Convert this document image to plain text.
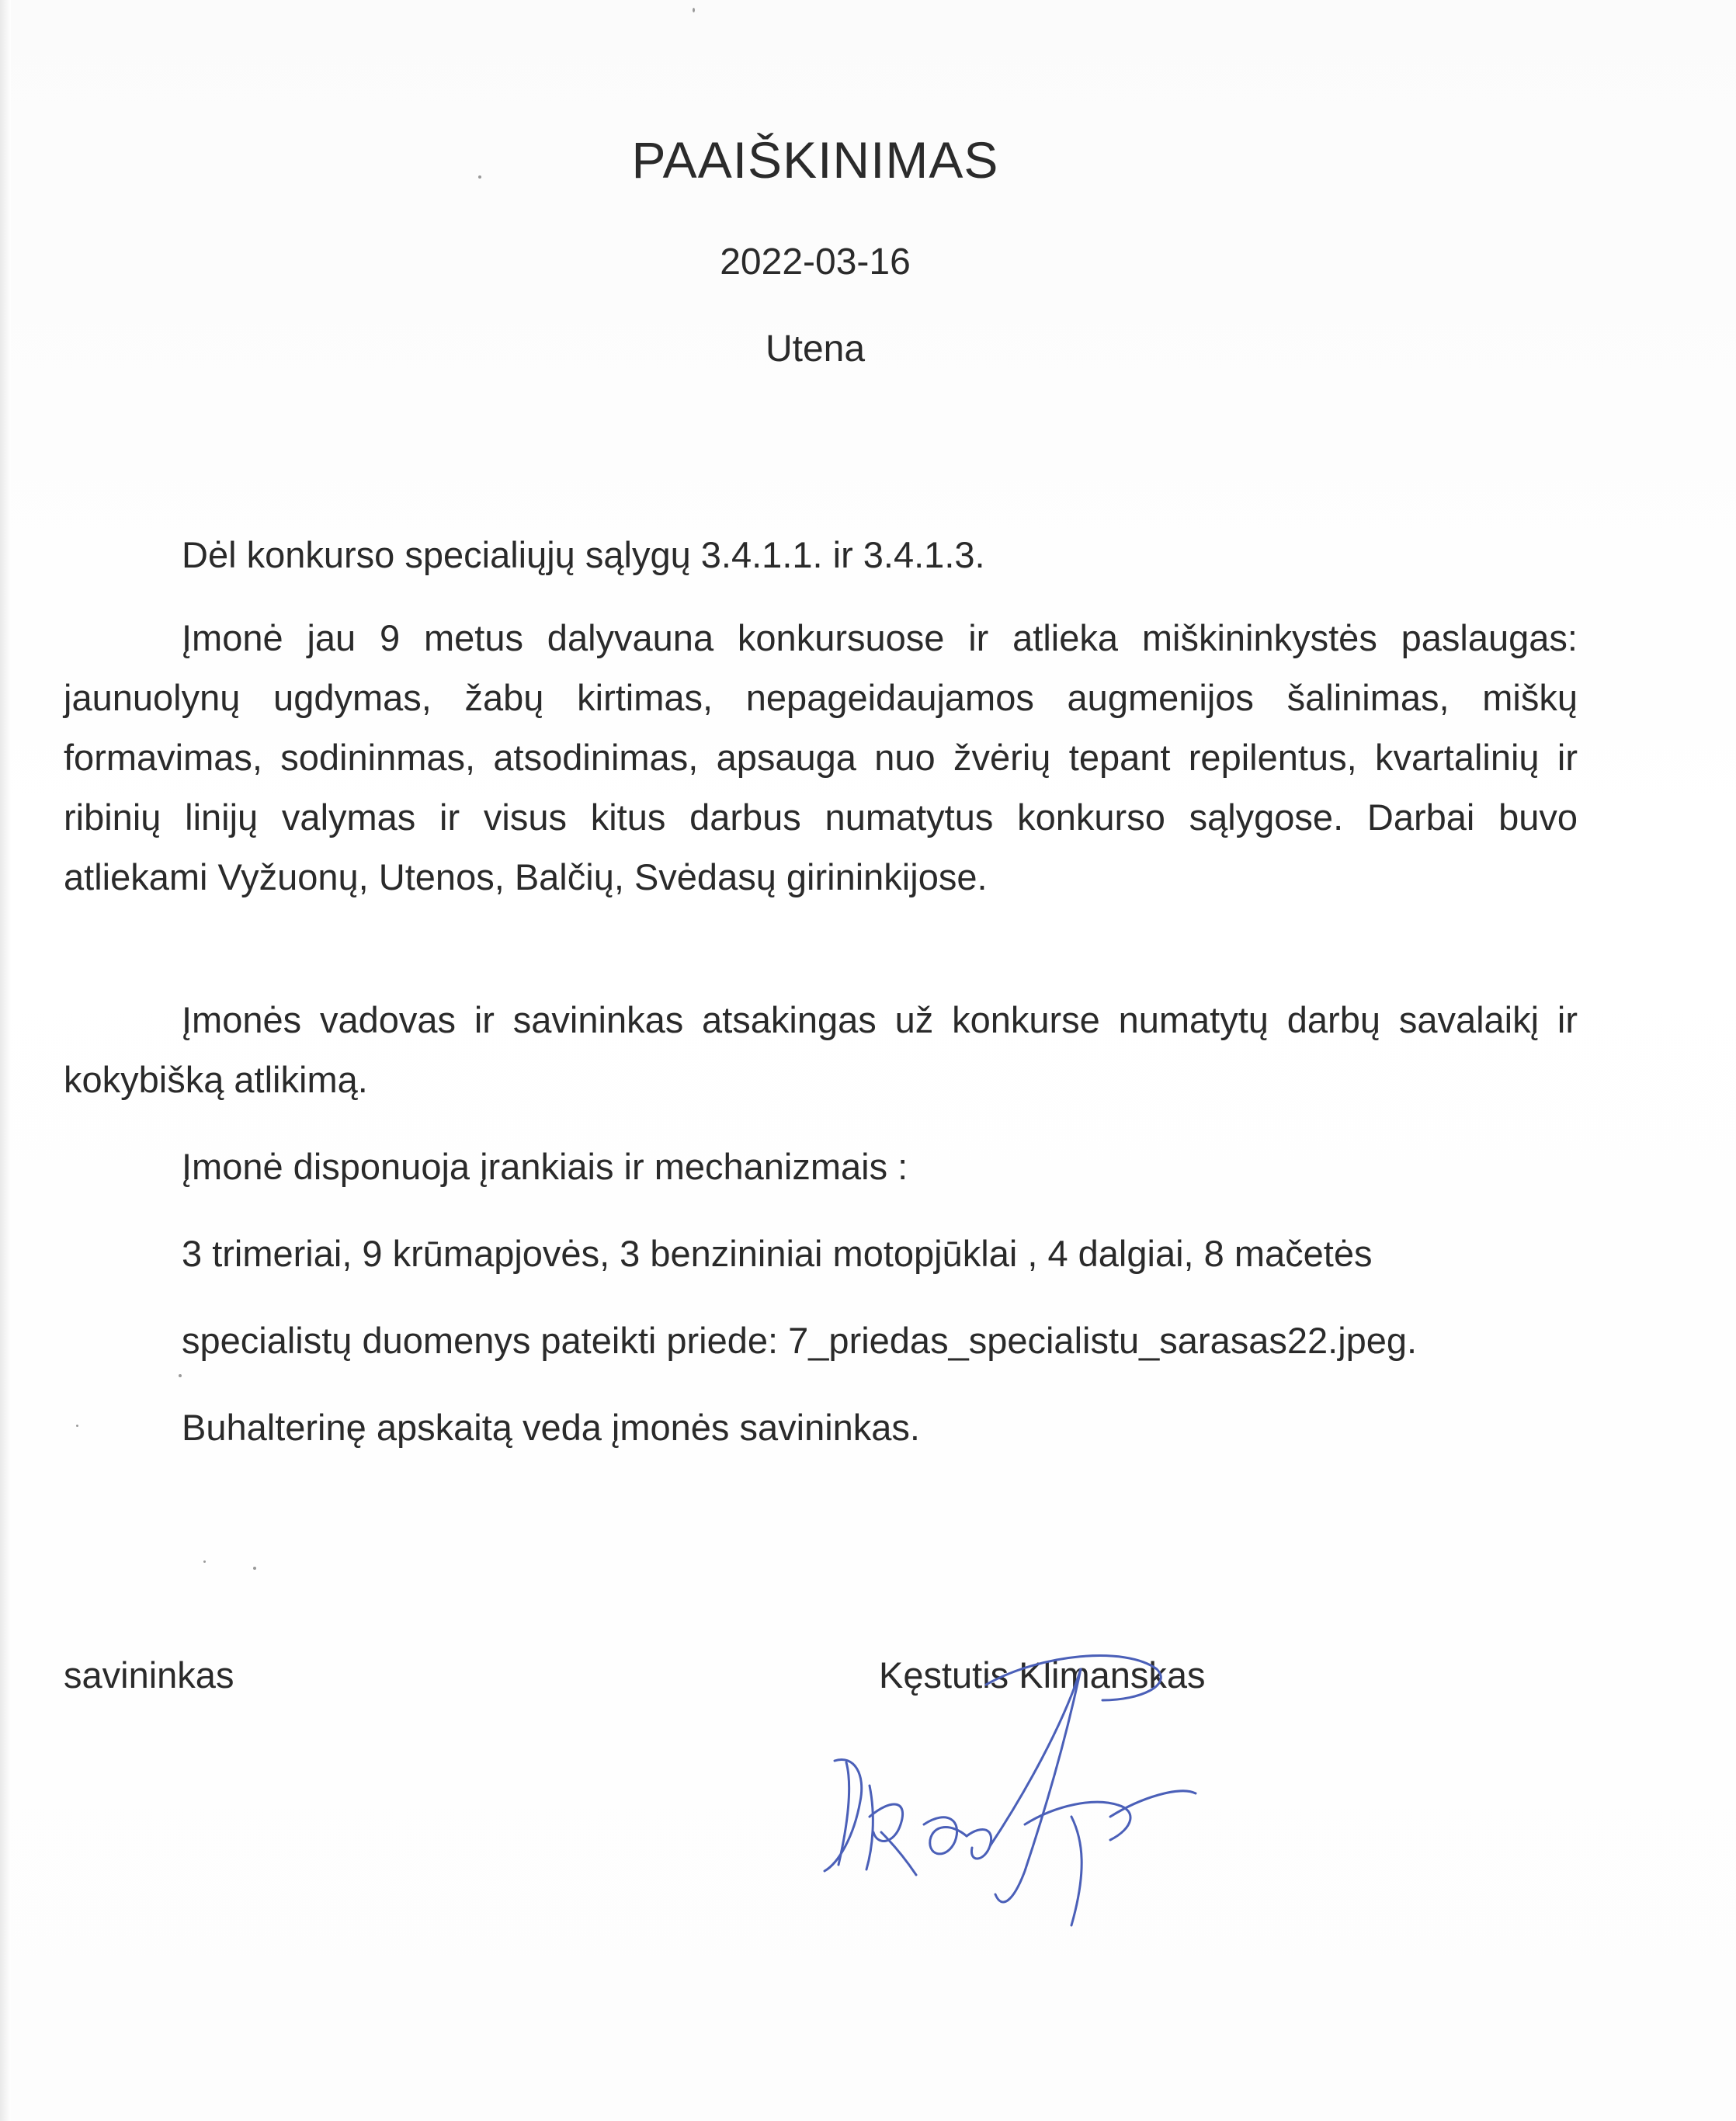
PAAIŠKINIMAS
2022-03-16
Utena
Dėl konkurso specialiųjų sąlygų 3.4.1.1. ir 3.4.1.3.
Įmonė jau 9 metus dalyvauna konkursuose ir atlieka miškininkystės paslaugas: jaunuolynų ugdymas, žabų kirtimas, nepageidaujamos augmenijos šalinimas, miškų formavimas, sodininmas, atsodinimas, apsauga nuo žvėrių tepant repilentus, kvartalinių ir ribinių linijų valymas ir visus kitus darbus numatytus konkurso sąlygose. Darbai buvo atliekami Vyžuonų, Utenos, Balčių, Svėdasų girininkijose.
Įmonės vadovas ir savininkas atsakingas už konkurse numatytų darbų savalaikį ir kokybišką atlikimą.
Įmonė disponuoja įrankiais ir mechanizmais :
3 trimeriai, 9 krūmapjovės, 3 benzininiai motopjūklai , 4 dalgiai, 8 mačetės
specialistų duomenys pateikti priede: 7_priedas_specialistu_sarasas22.jpeg.
Buhalterinę apskaitą veda įmonės savininkas.
savininkas	Kęstutis Klimanskas
